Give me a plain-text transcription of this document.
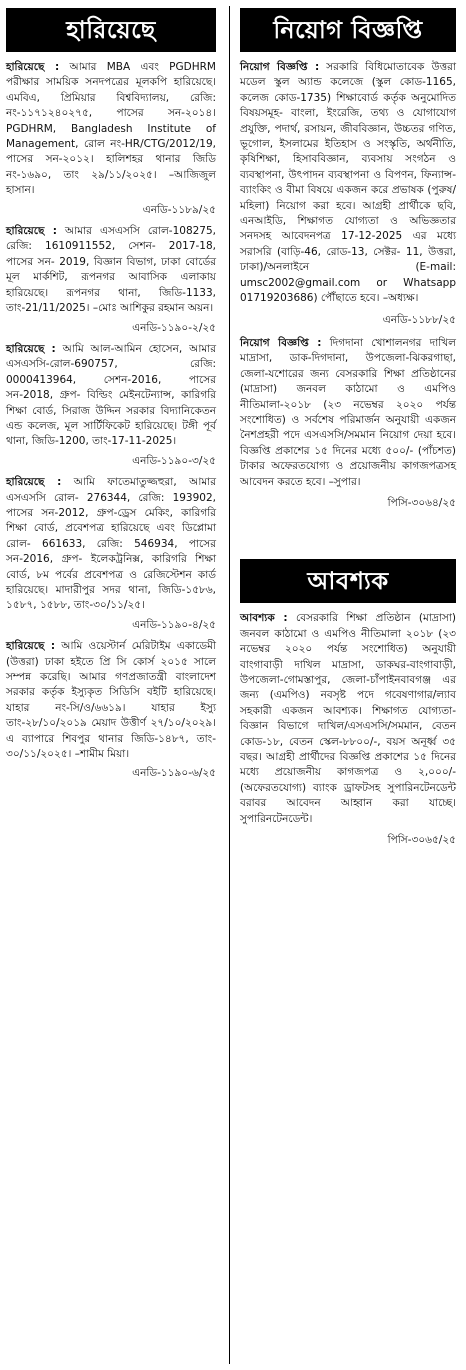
হারিয়েছে
হারিয়েছে : আমার MBA এবং PGDHRM পরীক্ষার সাময়িক সনদপত্রের মূলকপি হারিয়েছে। এমবিএ, প্রিমিয়ার বিশ্ববিদ্যালয়, রেজি: নং-১১৭১২৪০২৭৫, পাসের সন-২০১৪। PGDHRM, Bangladesh Institute of Management, রোল নং-HR/CTG/2012/19, পাসের সন-২০১২। হালিশহর থানার জিডি নং-১৬৯০, তাং ২৯/১১/২০২৫। –আজিজুল হাসান।
এনডি-১১৮৯/২৫
হারিয়েছে : আমার এসএসসি রোল-108275, রেজি: 1610911552, সেশন- 2017-18, পাসের সন- 2019, বিজ্ঞান বিভাগ, ঢাকা বোর্ডের মূল মার্কশিট, রূপনগর আবাসিক এলাকায় হারিয়েছে। রূপনগর থানা, জিডি-1133, তাং-21/11/2025। –মোঃ আশিকুর রহমান অয়ন।
এনডি-১১৯০-২/২৫
হারিয়েছে : আমি আল-আমিন হোসেন, আমার এসএসসি-রোল-690757, রেজি: 0000413964, সেশন-2016, পাসের সন-2018, গ্রুপ- বিল্ডিং মেইনটেন্যান্স, কারিগরি শিক্ষা বোর্ড, সিরাজ উদ্দিন সরকার বিদ্যানিকেতন এন্ড কলেজ, মূল সার্টিফিকেট হারিয়েছে। টঙ্গী পূর্ব থানা, জিডি-1200, তাং-17-11-2025।
এনডি-১১৯০-৩/২৫
হারিয়েছে : আমি ফাতেমাতুজ্জহুরা, আমার এসএসসি রোল- 276344, রেজি: 193902, পাসের সন-2012, গ্রুপ-ড্রেস মেকিং, কারিগরি শিক্ষা বোর্ড, প্রবেশপত্র হারিয়েছে এবং ডিপ্লোমা রোল- 661633, রেজি: 546934, পাসের সন-2016, গ্রুপ- ইলেকট্রনিক্স, কারিগরি শিক্ষা বোর্ড, ৮ম পর্বের প্রবেশপত্র ও রেজিস্টেশন কার্ড হারিয়েছে। মাদারীপুর সদর থানা, জিডি-১৫৮৬, ১৫৮৭, ১৫৮৮, তাং-৩০/১১/২৫।
এনডি-১১৯০-৪/২৫
হারিয়েছে : আমি ওয়েস্টার্ন মেরিটাইম একাডেমী (উত্তরা) ঢাকা হইতে প্রি সি কোর্স ২০১৫ সালে সম্পন্ন করেছি। আমার গণপ্রজাতন্ত্রী বাংলাদেশ সরকার কর্তৃক ইস্যুকৃত সিডিসি বইটি হারিয়েছে। যাহার নং-সি/ও/৬৬১৯। যাহার ইস্যু তাং-২৮/১০/২০১৯ মেয়াদ উত্তীর্ণ ২৭/১০/২০২৯। এ ব্যাপারে শিবপুর থানার জিডি-১৪৮৭, তাং- ৩০/১১/২০২৫। –শামীম মিয়া।
এনডি-১১৯০-৬/২৫
নিয়োগ বিজ্ঞপ্তি
নিয়োগ বিজ্ঞপ্তি : সরকারি বিধিমোতাবেক উত্তরা মডেল স্কুল অ্যান্ড কলেজে (স্কুল কোড-1165, কলেজ কোড-1735) শিক্ষাবোর্ড কর্তৃক অনুমোদিত বিষয়সমূহ- বাংলা, ইংরেজি, তথ্য ও যোগাযোগ প্রযুক্তি, পদার্থ, রসায়ন, জীববিজ্ঞান, উচ্চতর গণিত, ভূগোল, ইসলামের ইতিহাস ও সংস্কৃতি, অর্থনীতি, কৃষিশিক্ষা, হিসাববিজ্ঞান, ব্যবসায় সংগঠন ও ব্যবস্থাপনা, উৎপাদন ব্যবস্থাপনা ও বিপণন, ফিন্যান্স-ব্যাংকিং ও বীমা বিষয়ে একজন করে প্রভাষক (পুরুষ/মহিলা) নিয়োগ করা হবে। আগ্রহী প্রার্থীকে ছবি, এনআইডি, শিক্ষাগত যোগ্যতা ও অভিজ্ঞতার সনদসহ আবেদনপত্র 17-12-2025 এর মধ্যে সরাসরি (বাড়ি-46, রোড-13, সেক্টর- 11, উত্তরা, ঢাকা)/অনলাইনে (E-mail: umsc2002@gmail.com or Whatsapp 01719203686) পৌঁছাতে হবে। –অধ্যক্ষ।
এনডি-১১৮৮/২৫
নিয়োগ বিজ্ঞপ্তি : দিগদানা খোশালনগর দাখিল মাদ্রাসা, ডাক-দিগদানা, উপজেলা-ঝিকরগাছা, জেলা-যশোরের জন্য বেসরকারি শিক্ষা প্রতিষ্ঠানের (মাদ্রাসা) জনবল কাঠামো ও এমপিও নীতিমালা-২০১৮ (২৩ নভেম্বর ২০২০ পর্যন্ত সংশোধিত) ও সর্বশেষ পরিমার্জন অনুযায়ী একজন নৈশপ্রহরী পদে এসএসসি/সমমান নিয়োগ দেয়া হবে। বিজ্ঞপ্তি প্রকাশের ১৫ দিনের মধ্যে ৫০০/- (পাঁচশত) টাকার অফেরতযোগ্য ও প্রয়োজনীয় কাগজপত্রসহ আবেদন করতে হবে। –সুপার।
পিসি-৩০৬৪/২৫
আবশ্যক
আবশ্যক : বেসরকারি শিক্ষা প্রতিষ্ঠান (মাদ্রাসা) জনবল কাঠামো ও এমপিও নীতিমালা ২০১৮ (২৩ নভেম্বর ২০২০ পর্যন্ত সংশোধিত) অনুযায়ী বাংগাবাড়ী দাখিল মাদ্রাসা, ডাকঘর-বাংগাবাড়ী, উপজেলা-গোমস্তাপুর, জেলা-চাঁপাইনবাবগঞ্জ এর জন্য (এমপিও) নবসৃষ্ট পদে গবেষণাগার/ল্যাব সহকারী একজন আবশ্যক। শিক্ষাগত যোগ্যতা-বিজ্ঞান বিভাগে দাখিল/এসএসসি/সমমান, বেতন কোড-১৮, বেতন স্কেল-৮৮০০/-, বয়স অনূর্ধ্ব ৩৫ বছর। আগ্রহী প্রার্থীদের বিজ্ঞপ্তি প্রকাশের ১৫ দিনের মধ্যে প্রয়োজনীয় কাগজপত্র ও ২,০০০/- (অফেরতযোগ্য) ব্যাংক ড্রাফটসহ সুপারিনটেনডেন্ট বরাবর আবেদন আহ্বান করা যাচ্ছে। সুপারিনটেনডেন্ট।
পিসি-৩০৬৫/২৫
